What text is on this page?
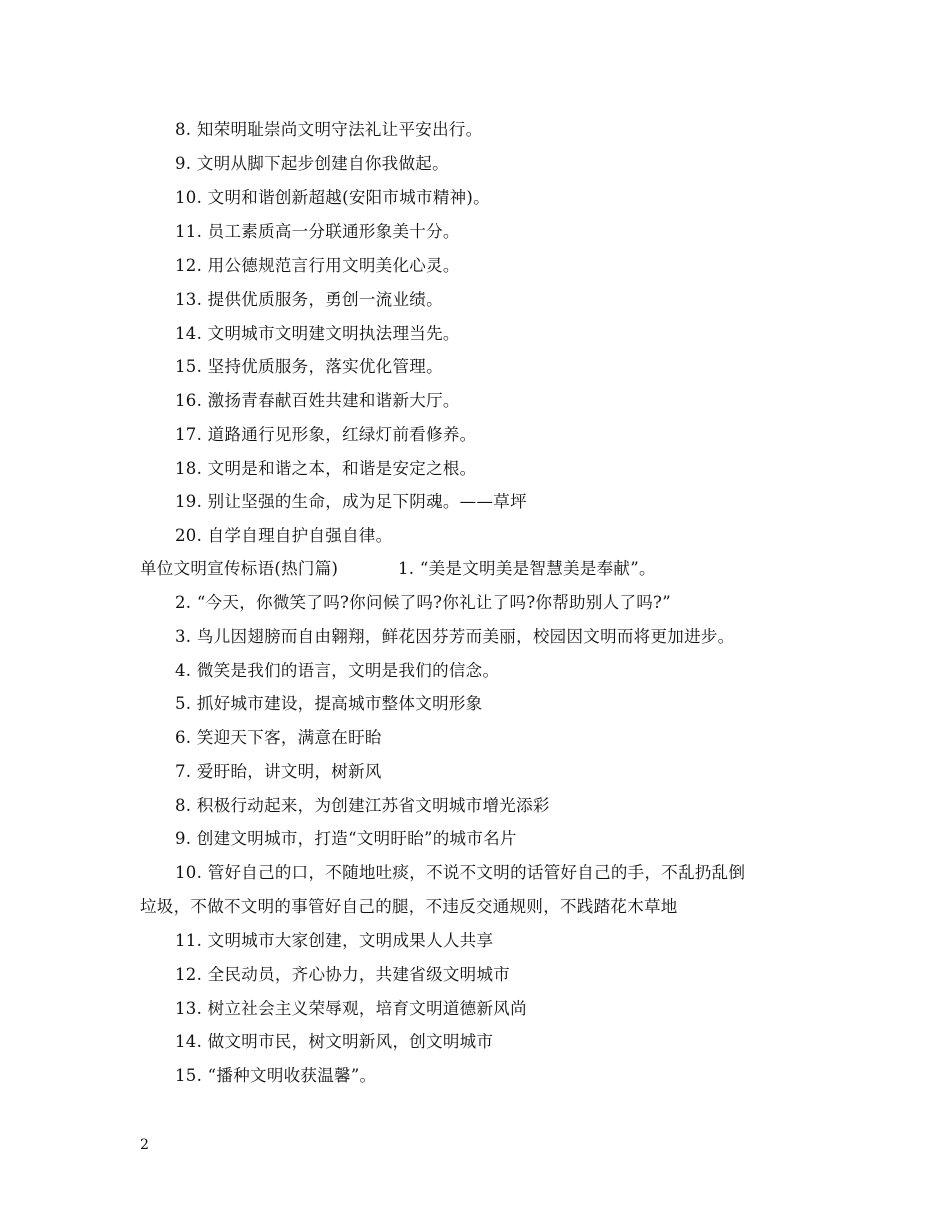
8. 知荣明耻崇尚文明守法礼让平安出行。
9. 文明从脚下起步创建自你我做起。
10. 文明和谐创新超越(安阳市城市精神)。
11. 员工素质高一分联通形象美十分。
12. 用公德规范言行用文明美化心灵。
13. 提供优质服务，勇创一流业绩。
14. 文明城市文明建文明执法理当先。
15. 坚持优质服务，落实优化管理。
16. 激扬青春献百姓共建和谐新大厅。
17. 道路通行见形象，红绿灯前看修养。
18. 文明是和谐之本，和谐是安定之根。
19. 别让坚强的生命，成为足下阴魂。——草坪
20. 自学自理自护自强自律。
单位文明宣传标语(热门篇)	1. “美是文明美是智慧美是奉献”。
2. “今天，你微笑了吗?你问候了吗?你礼让了吗?你帮助别人了吗?”
3. 鸟儿因翅膀而自由翱翔，鲜花因芬芳而美丽，校园因文明而将更加进步。
4. 微笑是我们的语言，文明是我们的信念。
5. 抓好城市建设，提高城市整体文明形象
6. 笑迎天下客，满意在盱眙
7. 爱盱眙，讲文明，树新风
8. 积极行动起来，为创建江苏省文明城市增光添彩
9. 创建文明城市，打造“文明盱眙”的城市名片
10. 管好自己的口，不随地吐痰，不说不文明的话管好自己的手，不乱扔乱倒
垃圾，不做不文明的事管好自己的腿，不违反交通规则，不践踏花木草地
11. 文明城市大家创建，文明成果人人共享
12. 全民动员，齐心协力，共建省级文明城市
13. 树立社会主义荣辱观，培育文明道德新风尚
14. 做文明市民，树文明新风，创文明城市
15. “播种文明收获温馨”。
2
